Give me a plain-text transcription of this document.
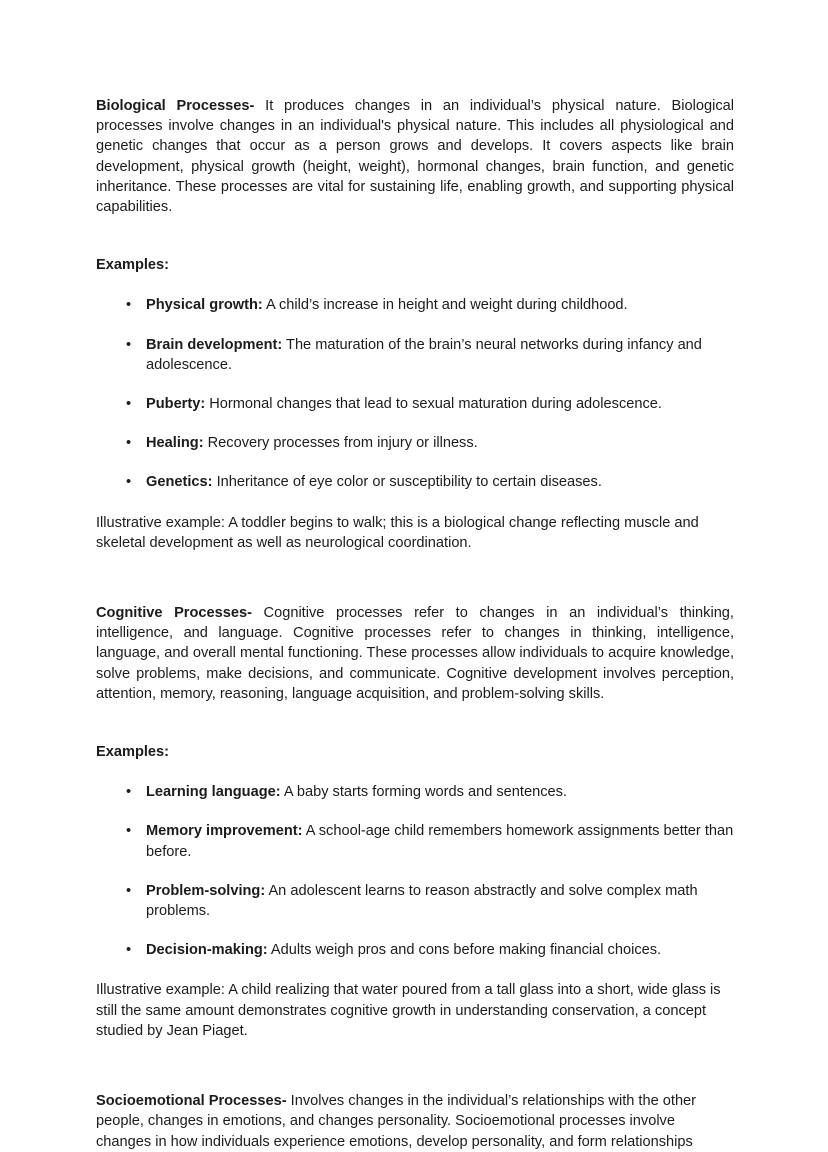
Biological Processes- It produces changes in an individual’s physical nature. Biological processes involve changes in an individual's physical nature. This includes all physiological and genetic changes that occur as a person grows and develops. It covers aspects like brain development, physical growth (height, weight), hormonal changes, brain function, and genetic inheritance. These processes are vital for sustaining life, enabling growth, and supporting physical capabilities.

Examples:

• Physical growth: A child’s increase in height and weight during childhood.
• Brain development: The maturation of the brain’s neural networks during infancy and adolescence.
• Puberty: Hormonal changes that lead to sexual maturation during adolescence.
• Healing: Recovery processes from injury or illness.
• Genetics: Inheritance of eye color or susceptibility to certain diseases.

Illustrative example: A toddler begins to walk; this is a biological change reflecting muscle and skeletal development as well as neurological coordination.

Cognitive Processes- Cognitive processes refer to changes in an individual’s thinking, intelligence, and language. Cognitive processes refer to changes in thinking, intelligence, language, and overall mental functioning. These processes allow individuals to acquire knowledge, solve problems, make decisions, and communicate. Cognitive development involves perception, attention, memory, reasoning, language acquisition, and problem-solving skills.

Examples:

• Learning language: A baby starts forming words and sentences.
• Memory improvement: A school-age child remembers homework assignments better than before.
• Problem-solving: An adolescent learns to reason abstractly and solve complex math problems.
• Decision-making: Adults weigh pros and cons before making financial choices.

Illustrative example: A child realizing that water poured from a tall glass into a short, wide glass is still the same amount demonstrates cognitive growth in understanding conservation, a concept studied by Jean Piaget.

Socioemotional Processes- Involves changes in the individual’s relationships with the other people, changes in emotions, and changes personality. Socioemotional processes involve changes in how individuals experience emotions, develop personality, and form relationships
